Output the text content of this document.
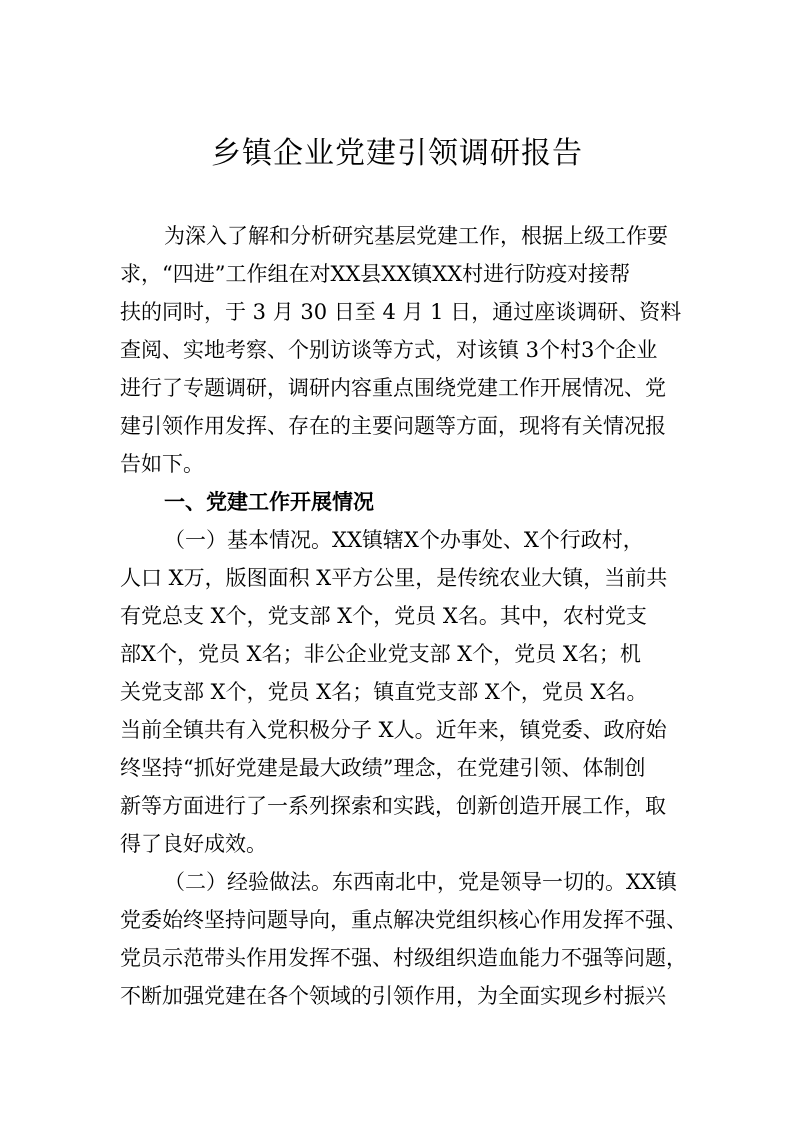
乡镇企业党建引领调研报告
为深入了解和分析研究基层党建工作，根据上级工作要
求，“四进”工作组在对XX县XX镇XX村进行防疫对接帮
扶的同时，于 3 月 30 日至 4 月 1 日，通过座谈调研、资料
查阅、实地考察、个别访谈等方式，对该镇 3个村3个企业
进行了专题调研，调研内容重点围绕党建工作开展情况、党
建引领作用发挥、存在的主要问题等方面，现将有关情况报
告如下。
一、党建工作开展情况
（一）基本情况。XX镇辖X个办事处、X个行政村，
人口 X万，版图面积 X平方公里，是传统农业大镇，当前共
有党总支 X个，党支部 X个，党员 X名。其中，农村党支
部X个，党员 X名；非公企业党支部 X个，党员 X名；机
关党支部 X个，党员 X名；镇直党支部 X个，党员 X名。
当前全镇共有入党积极分子 X人。近年来，镇党委、政府始
终坚持“抓好党建是最大政绩”理念，在党建引领、体制创
新等方面进行了一系列探索和实践，创新创造开展工作，取
得了良好成效。
（二）经验做法。东西南北中，党是领导一切的。XX镇
党委始终坚持问题导向，重点解决党组织核心作用发挥不强、
党员示范带头作用发挥不强、村级组织造血能力不强等问题，
不断加强党建在各个领域的引领作用，为全面实现乡村振兴
